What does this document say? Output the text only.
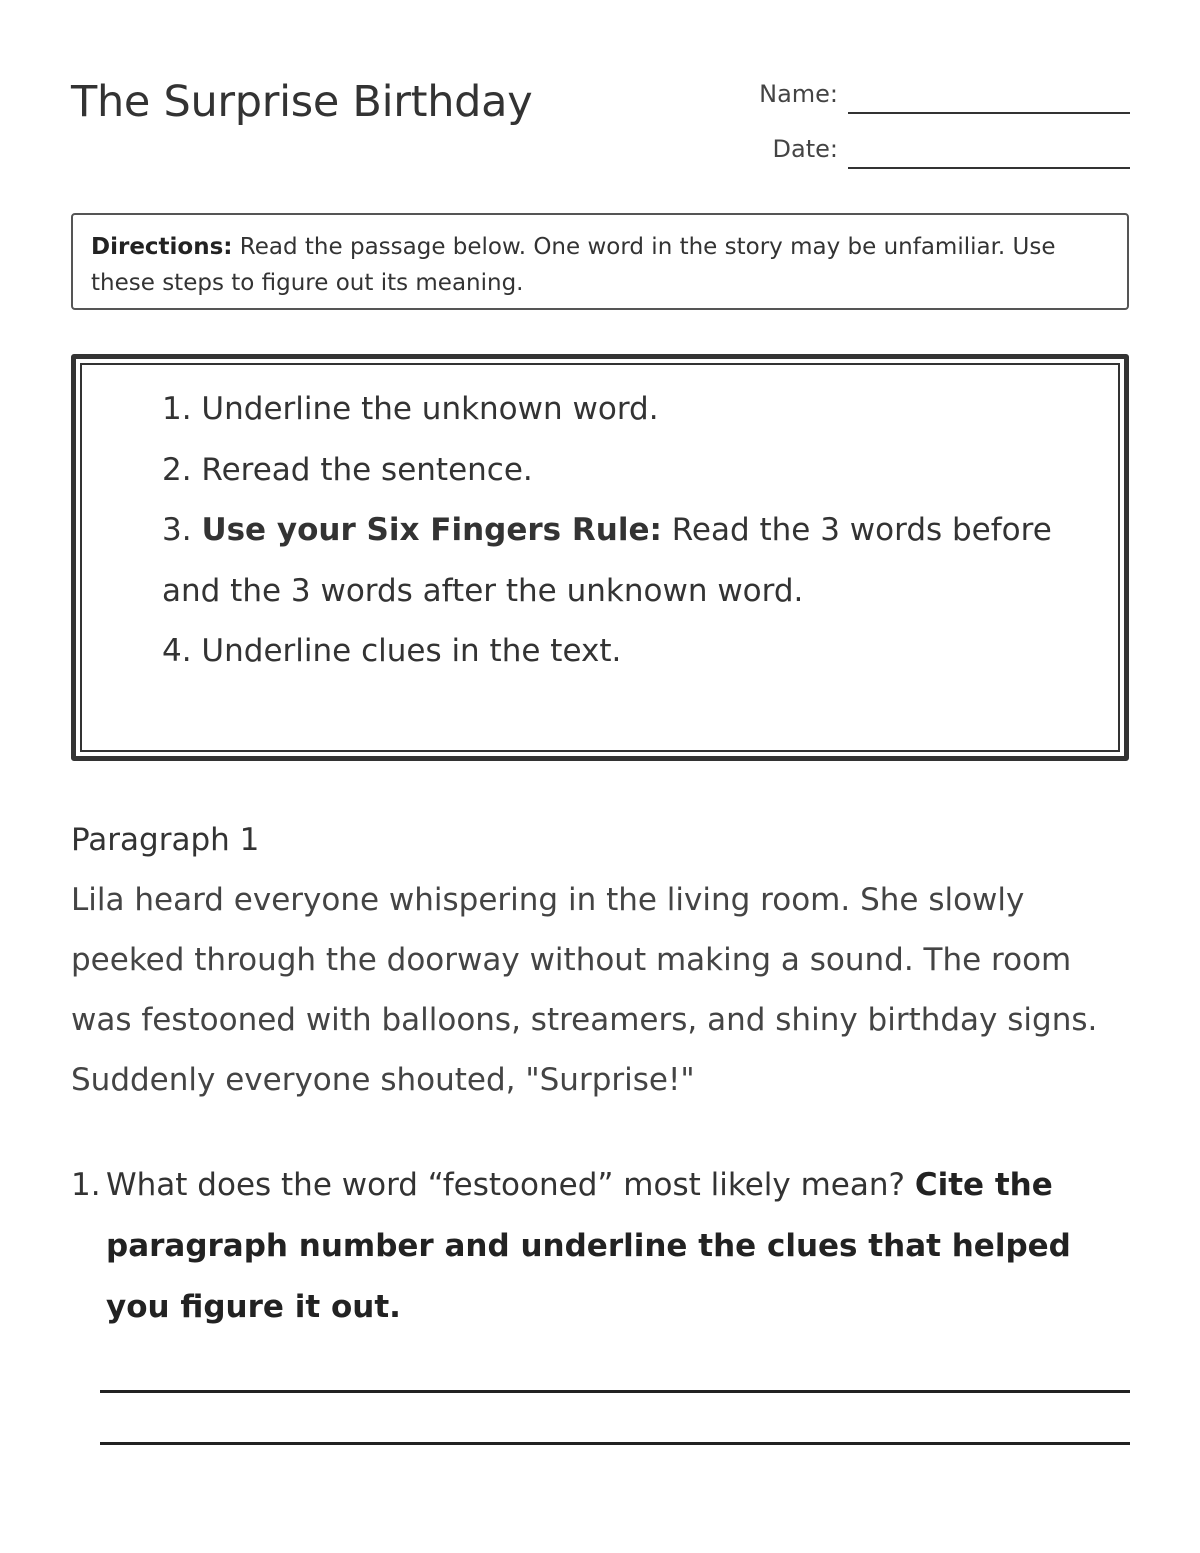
The Surprise Birthday	Name:
Date:
Directions: Read the passage below. One word in the story may be unfamiliar. Use these steps to figure out its meaning.

1. Underline the unknown word.

2. Reread the sentence.

3. Use your Six Fingers Rule: Read the 3 words before and the 3 words after the unknown word.

4. Underline clues in the text.

Paragraph 1

Lila heard everyone whispering in the living room. She slowly peeked through the doorway without making a sound. The room was festooned with balloons, streamers, and shiny birthday signs. Suddenly everyone shouted, "Surprise!"

1. What does the word “festooned” most likely mean? Cite the paragraph number and underline the clues that helped you figure it out.
